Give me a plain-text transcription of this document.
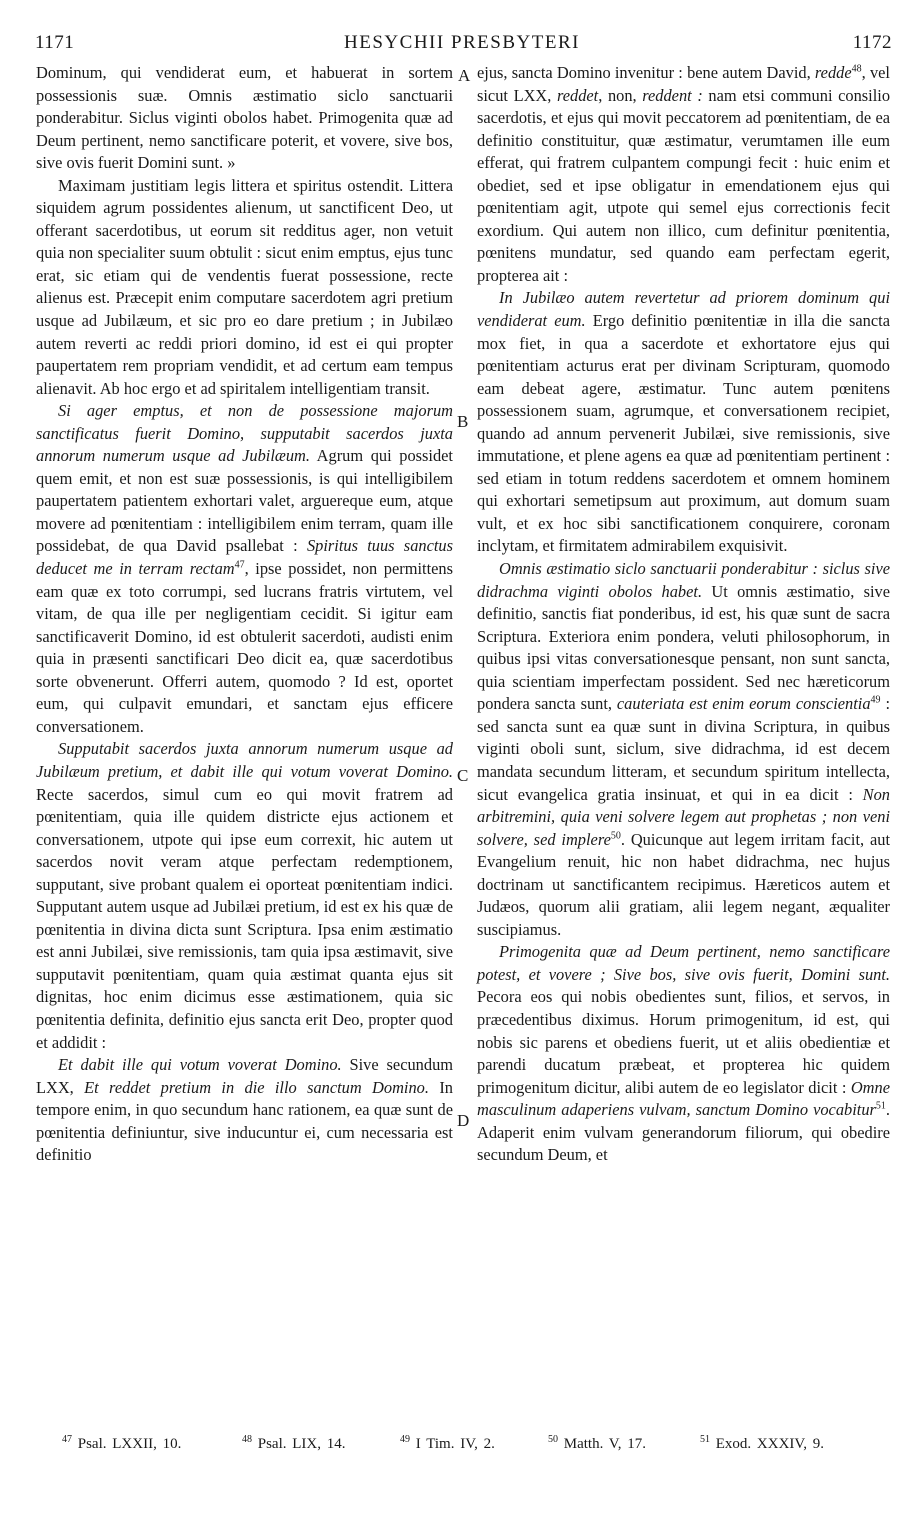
1171	HESYCHII PRESBYTERI	1172

Dominum, qui vendiderat eum, et habuerat in sortem possessionis suæ. Omnis æstimatio siclo sanctuarii ponderabitur. Siclus viginti obolos habet. Primogenita quæ ad Deum pertinent, nemo sanctificare poterit, et vovere, sive bos, sive ovis fuerit Domini sunt. »

Maximam justitiam legis littera et spiritus ostendit. Littera siquidem agrum possidentes alienum, ut sanctificent Deo, ut offerant sacerdotibus, ut eorum sit redditus ager, non vetuit quia non specialiter suum obtulit : sicut enim emptus, ejus tunc erat, sic etiam qui de vendentis fuerat possessione, recte alienus est. Præcepit enim computare sacerdotem agri pretium usque ad Jubilæum, et sic pro eo dare pretium ; in Jubilæo autem reverti ac reddi priori domino, id est ei qui propter paupertatem rem propriam vendidit, et ad certum eam tempus alienavit. Ab hoc ergo et ad spiritalem intelligentiam transit.

Si ager emptus, et non de possessione majorum sanctificatus fuerit Domino, supputabit sacerdos juxta annorum numerum usque ad Jubilæum. Agrum qui possidet quem emit, et non est suæ possessionis, is qui intelligibilem paupertatem patientem exhortari valet, arguereque eum, atque movere ad pœnitentiam : intelligibilem enim terram, quam ille possidebat, de qua David psallebat : Spiritus tuus sanctus deducet me in terram rectam$^{47}$, ipse possidet, non permittens eam quæ ex toto corrumpi, sed lucrans fratris virtutem, vel vitam, de qua ille per negligentiam cecidit. Si igitur eam sanctificaverit Domino, id est obtulerit sacerdoti, audisti enim quia in præsenti sanctificari Deo dicit ea, quæ sacerdotibus sorte obvenerunt. Offerri autem, quomodo ? Id est, oportet eum, qui culpavit emundari, et sanctam ejus efficere conversationem.

Supputabit sacerdos juxta annorum numerum usque ad Jubilæum pretium, et dabit ille qui votum voverat Domino. Recte sacerdos, simul cum eo qui movit fratrem ad pœnitentiam, quia ille quidem districte ejus actionem et conversationem, utpote qui ipse eum correxit, hic autem ut sacerdos novit veram atque perfectam redemptionem, supputant, sive probant qualem ei oporteat pœnitentiam indici. Supputant autem usque ad Jubilæi pretium, id est ex his quæ de pœnitentia in divina dicta sunt Scriptura. Ipsa enim æstimatio est anni Jubilæi, sive remissionis, tam quia ipsa æstimavit, sive supputavit pœnitentiam, quam quia æstimat quanta ejus sit dignitas, hoc enim dicimus esse æstimationem, quia sic pœnitentia definita, definitio ejus sancta erit Deo, propter quod et addidit :

Et dabit ille qui votum voverat Domino. Sive secundum LXX, Et reddet pretium in die illo sanctum Domino. In tempore enim, in quo secundum hanc rationem, ea quæ sunt de pœnitentia definiuntur, sive inducuntur ei, cum necessaria est definitio

ejus, sancta Domino invenitur : bene autem David, redde$^{48}$, vel sicut LXX, reddet, non, reddent : nam etsi communi consilio sacerdotis, et ejus qui movit peccatorem ad pœnitentiam, de ea definitio constituitur, quæ æstimatur, verumtamen ille eum efferat, qui fratrem culpantem compungi fecit : huic enim et obediet, sed et ipse obligatur in emendationem ejus qui pœnitentiam agit, utpote qui semel ejus correctionis fecit exordium. Qui autem non illico, cum definitur pœnitentia, pœnitens mundatur, sed quando eam perfectam egerit, propterea ait :

In Jubilæo autem revertetur ad priorem dominum qui vendiderat eum. Ergo definitio pœnitentiæ in illa die sancta mox fiet, in qua a sacerdote et exhortatore ejus qui pœnitentiam acturus erat per divinam Scripturam, quomodo eam debeat agere, æstimatur. Tunc autem pœnitens possessionem suam, agrumque, et conversationem recipiet, quando ad annum pervenerit Jubilæi, sive remissionis, sive immutatione, et plene agens ea quæ ad pœnitentiam pertinent : sed etiam in totum reddens sacerdotem et omnem hominem qui exhortari semetipsum aut proximum, aut domum suam vult, et ex hoc sibi sanctificationem conquirere, coronam inclytam, et firmitatem admirabilem exquisivit.

Omnis æstimatio siclo sanctuarii ponderabitur : siclus sive didrachma viginti obolos habet. Ut omnis æstimatio, sive definitio, sanctis fiat ponderibus, id est, his quæ sunt de sacra Scriptura. Exteriora enim pondera, veluti philosophorum, in quibus ipsi vitas conversationesque pensant, non sunt sancta, quia scientiam imperfectam possident. Sed nec hæreticorum pondera sancta sunt, cauteriata est enim eorum conscientia$^{49}$ : sed sancta sunt ea quæ sunt in divina Scriptura, in quibus viginti oboli sunt, siclum, sive didrachma, id est decem mandata secundum litteram, et secundum spiritum intellecta, sicut evangelica gratia insinuat, et qui in ea dicit : Non arbitremini, quia veni solvere legem aut prophetas ; non veni solvere, sed implere$^{50}$. Quicunque aut legem irritam facit, aut Evangelium renuit, hic non habet didrachma, nec hujus doctrinam ut sanctificantem recipimus. Hæreticos autem et Judæos, quorum alii gratiam, alii legem negant, æqualiter suscipiamus.

Primogenita quæ ad Deum pertinent, nemo sanctificare potest, et vovere ; Sive bos, sive ovis fuerit, Domini sunt. Pecora eos qui nobis obedientes sunt, filios, et servos, in præcedentibus diximus. Horum primogenitum, id est, qui nobis sic parens et obediens fuerit, ut et aliis obedientiæ et parendi ducatum præbeat, et propterea hic quidem primogenitum dicitur, alibi autem de eo legislator dicit : Omne masculinum adaperiens vulvam, sanctum Domino vocabitur$^{51}$. Adaperit enim vulvam generandorum filiorum, qui obedire secundum Deum, et

A
B
C
D
$^{47}$ Psal. LXXII, 10.	$^{48}$ Psal. LIX, 14.	$^{49}$ I Tim. IV, 2.	$^{50}$ Matth. V, 17.	$^{51}$ Exod. XXXIV, 9.
